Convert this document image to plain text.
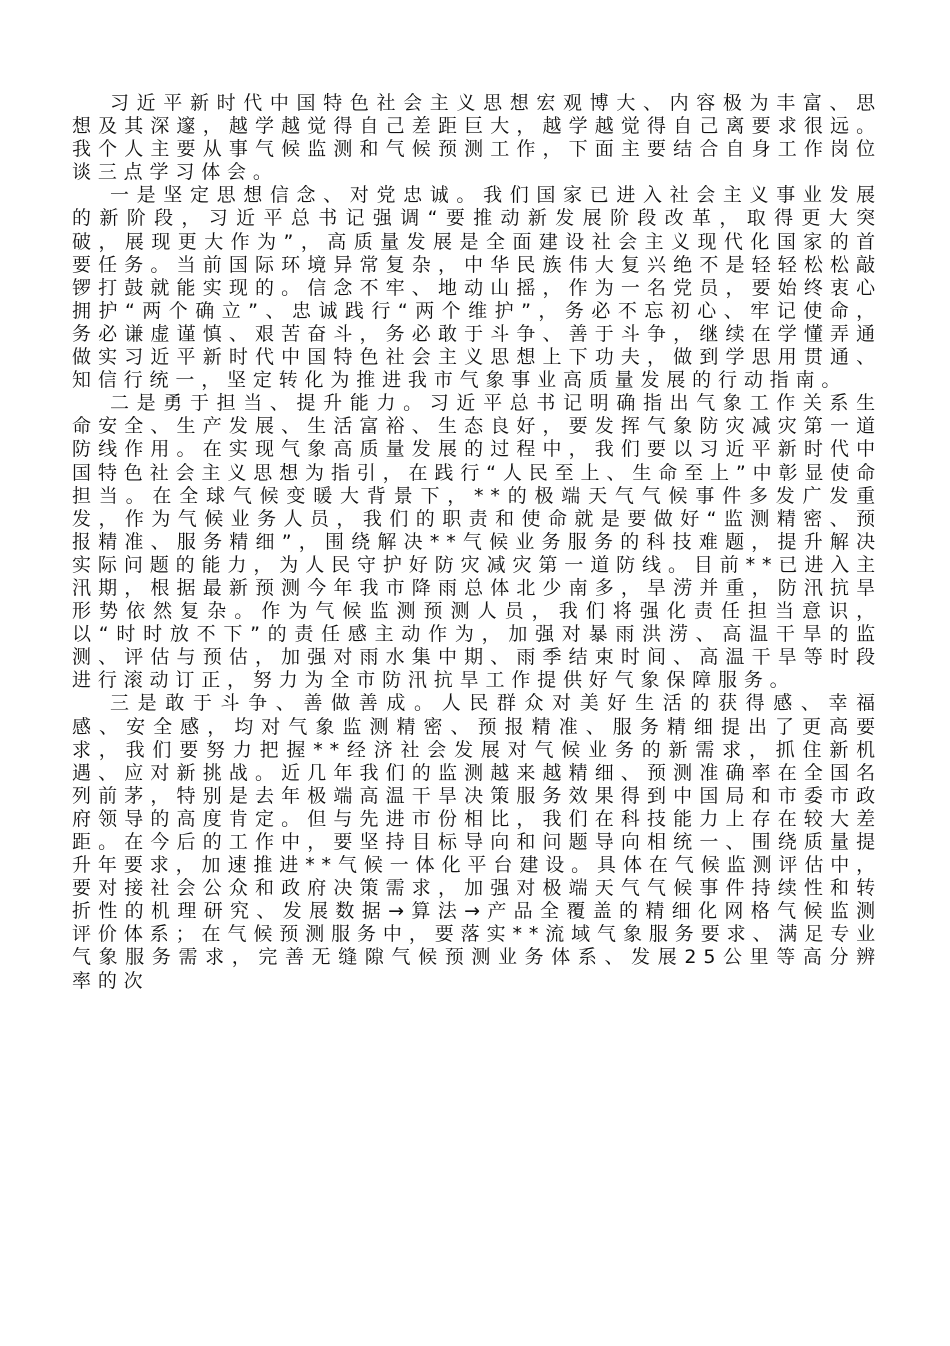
习近平新时代中国特色社会主义思想宏观博大、内容极为丰富、思想及其深邃，越学越觉得自己差距巨大，越学越觉得自己离要求很远。我个人主要从事气候监测和气候预测工作，下面主要结合自身工作岗位谈三点学习体会。

一是坚定思想信念、对党忠诚。我们国家已进入社会主义事业发展的新阶段，习近平总书记强调“要推动新发展阶段改革，取得更大突破，展现更大作为”，高质量发展是全面建设社会主义现代化国家的首要任务。当前国际环境异常复杂，中华民族伟大复兴绝不是轻轻松松敲锣打鼓就能实现的。信念不牢、地动山摇，作为一名党员，要始终衷心拥护“两个确立”、忠诚践行“两个维护”，务必不忘初心、牢记使命，务必谦虚谨慎、艰苦奋斗，务必敢于斗争、善于斗争，继续在学懂弄通做实习近平新时代中国特色社会主义思想上下功夫，做到学思用贯通、知信行统一，坚定转化为推进我市气象事业高质量发展的行动指南。

二是勇于担当、提升能力。习近平总书记明确指出气象工作关系生命安全、生产发展、生活富裕、生态良好，要发挥气象防灾减灾第一道防线作用。在实现气象高质量发展的过程中，我们要以习近平新时代中国特色社会主义思想为指引，在践行“人民至上、生命至上”中彰显使命担当。在全球气候变暖大背景下，**的极端天气气候事件多发广发重发，作为气候业务人员，我们的职责和使命就是要做好“监测精密、预报精准、服务精细”，围绕解决**气候业务服务的科技难题，提升解决实际问题的能力，为人民守护好防灾减灾第一道防线。目前**已进入主汛期，根据最新预测今年我市降雨总体北少南多，旱涝并重，防汛抗旱形势依然复杂。作为气候监测预测人员，我们将强化责任担当意识，以“时时放不下”的责任感主动作为，加强对暴雨洪涝、高温干旱的监测、评估与预估，加强对雨水集中期、雨季结束时间、高温干旱等时段进行滚动订正，努力为全市防汛抗旱工作提供好气象保障服务。

三是敢于斗争、善做善成。人民群众对美好生活的获得感、幸福感、安全感，均对气象监测精密、预报精准、服务精细提出了更高要求，我们要努力把握**经济社会发展对气候业务的新需求，抓住新机遇、应对新挑战。近几年我们的监测越来越精细、预测准确率在全国名列前茅，特别是去年极端高温干旱决策服务效果得到中国局和市委市政府领导的高度肯定。但与先进市份相比，我们在科技能力上存在较大差距。在今后的工作中，要坚持目标导向和问题导向相统一、围绕质量提升年要求，加速推进**气候一体化平台建设。具体在气候监测评估中，要对接社会公众和政府决策需求，加强对极端天气气候事件持续性和转折性的机理研究、发展数据→算法→产品全覆盖的精细化网格气候监测评价体系；在气候预测服务中，要落实**流域气象服务要求、满足专业气象服务需求，完善无缝隙气候预测业务体系、发展25公里等高分辨率的次
